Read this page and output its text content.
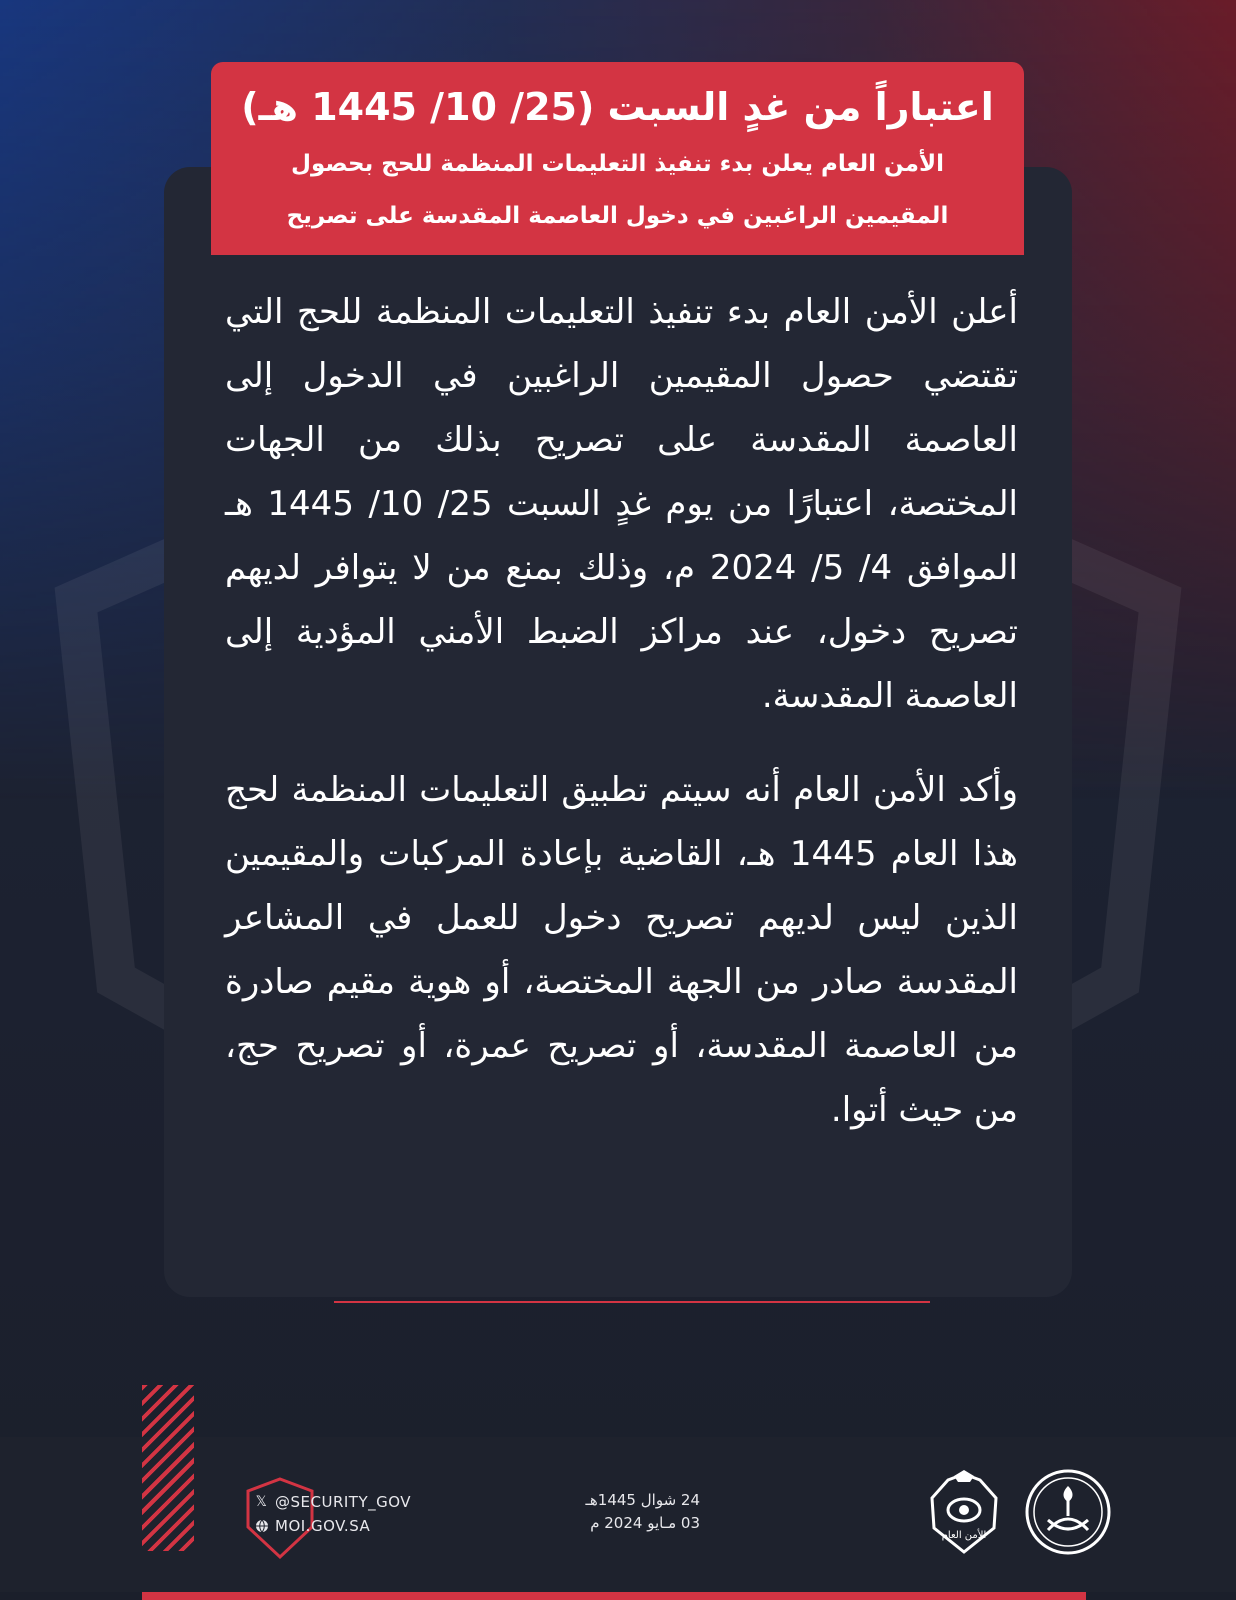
اعتباراً من غدٍ السبت (25/ 10/ 1445 هـ)
الأمن العام يعلن بدء تنفيذ التعليمات المنظمة للحج بحصول
المقيمين الراغبين في دخول العاصمة المقدسة على تصريح

أعلن الأمن العام بدء تنفيذ التعليمات المنظمة للحج التي تقتضي حصول المقيمين الراغبين في الدخول إلى العاصمة المقدسة على تصريح بذلك من الجهات المختصة، اعتبارًا من يوم غدٍ السبت 25/ 10/ 1445 هـ الموافق 4/ 5/ 2024 م، وذلك بمنع من لا يتوافر لديهم تصريح دخول، عند مراكز الضبط الأمني المؤدية إلى العاصمة المقدسة.

وأكد الأمن العام أنه سيتم تطبيق التعليمات المنظمة لحج هذا العام 1445 هـ، القاضية بإعادة المركبات والمقيمين الذين ليس لديهم تصريح دخول للعمل في المشاعر المقدسة صادر من الجهة المختصة، أو هوية مقيم صادرة من العاصمة المقدسة، أو تصريح عمرة، أو تصريح حج، من حيث أتوا.

𝕏 @SECURITY_GOV
MOI.GOV.SA
24 شوال 1445هـ
03 مـايو 2024 م
الأمن العام
